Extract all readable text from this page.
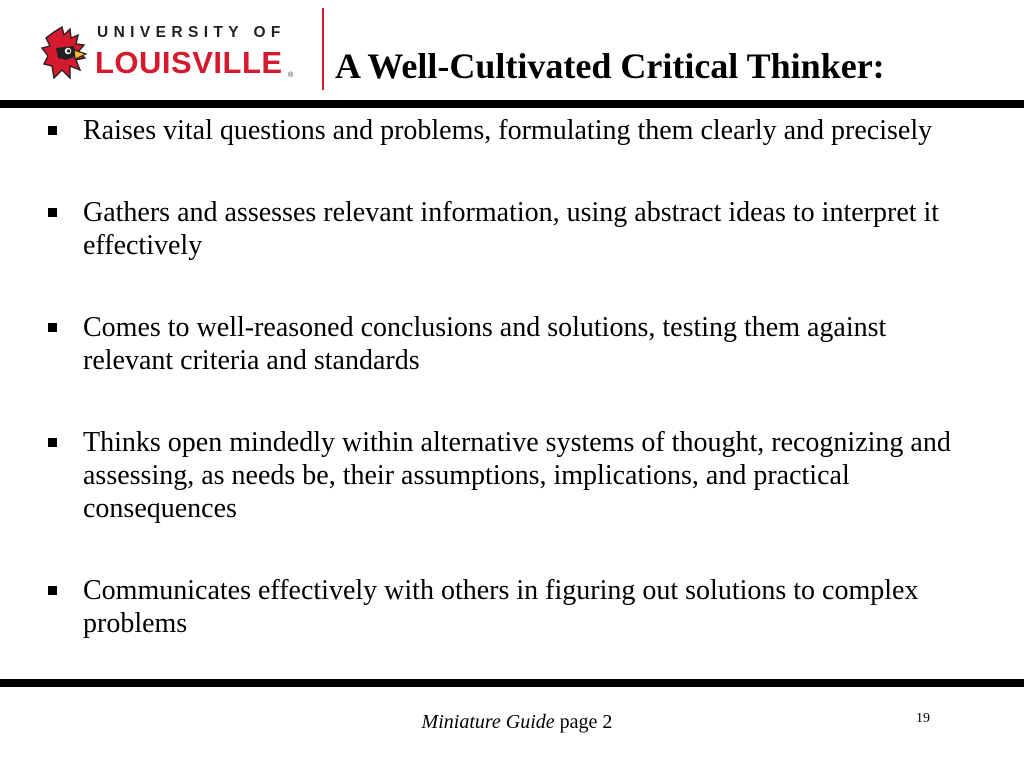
UNIVERSITY OF
LOUISVILLE ® A Well-Cultivated Critical Thinker:
Raises vital questions and problems, formulating them clearly and precisely
Gathers and assesses relevant information, using abstract ideas to interpret it effectively
Comes to well-reasoned conclusions and solutions, testing them against relevant criteria and standards
Thinks open mindedly within alternative systems of thought, recognizing and assessing, as needs be, their assumptions, implications, and practical consequences
Communicates effectively with others in figuring out solutions to complex problems
Miniature Guide page 2	19
